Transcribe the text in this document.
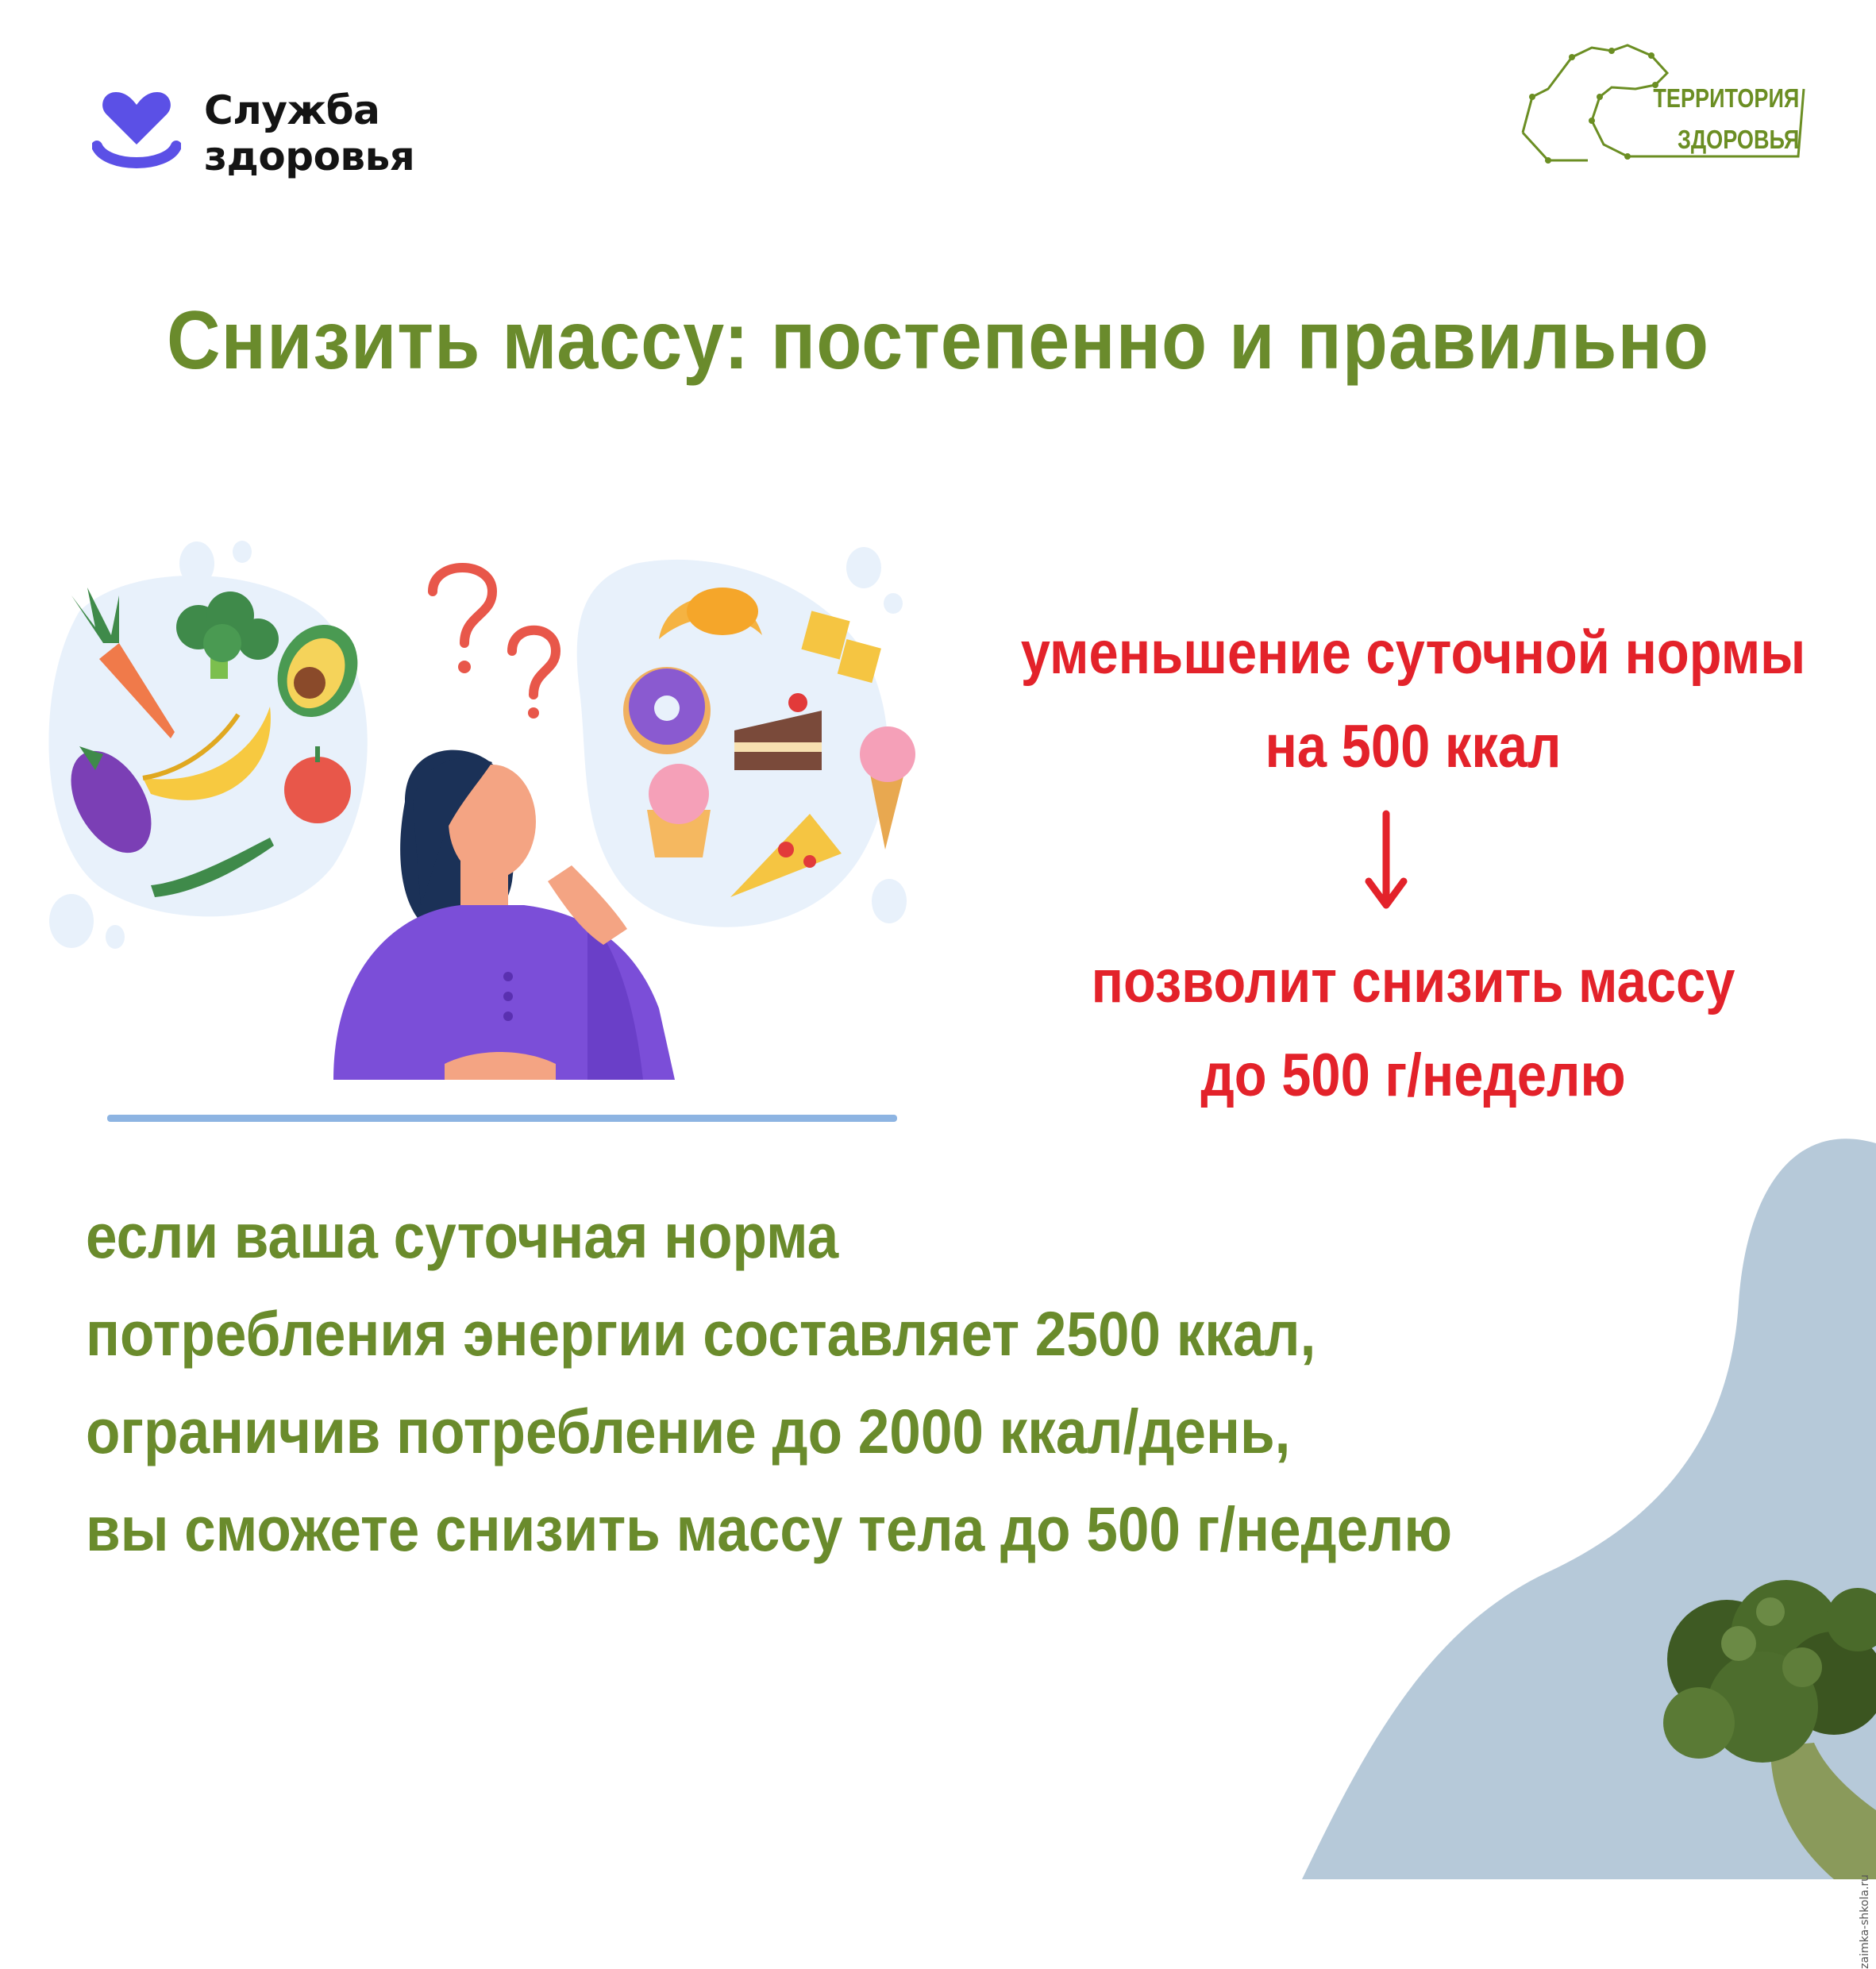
Служба
здоровья
ТЕРРИТОРИЯ
ЗДОРОВЬЯ
Снизить массу: постепенно и правильно
уменьшение суточной нормы
на 500 ккал
позволит снизить массу
до 500 г/неделю
если ваша суточная норма
потребления энергии составляет 2500 ккал,
ограничив потребление до 2000 ккал/день,
вы сможете снизить массу тела до 500 г/неделю
zaimka-shkola.ru
